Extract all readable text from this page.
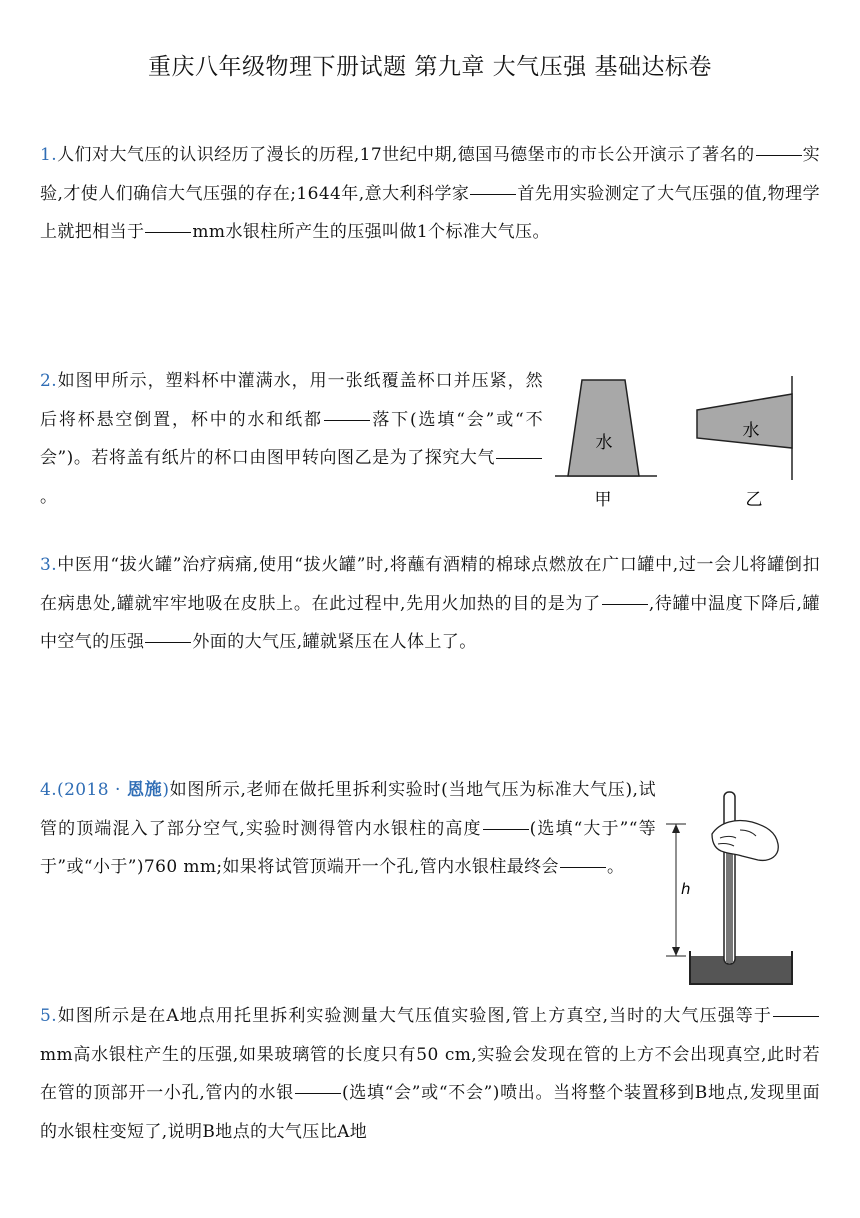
重庆八年级物理下册试题 第九章 大气压强 基础达标卷
1.人们对大气压的认识经历了漫长的历程,17世纪中期,德国马德堡市的市长公开演示了著名的	实验,才使人们确信大气压强的存在;1644年,意大利科学家	首先用实验测定了大气压强的值,物理学上就把相当于	mm水银柱所产生的压强叫做1个标准大气压。
2.如图甲所示，塑料杯中灌满水，用一张纸覆盖杯口并压紧，然后将杯悬空倒置，杯中的水和纸都	落下(选填“会”或“不会”)。若将盖有纸片的杯口由图甲转向图乙是为了探究大气。
水
甲
水
乙
3.中医用“拔火罐”治疗病痛,使用“拔火罐”时,将蘸有酒精的棉球点燃放在广口罐中,过一会儿将罐倒扣在病患处,罐就牢牢地吸在皮肤上。在此过程中,先用火加热的目的是为了	,待罐中温度下降后,罐中空气的压强	外面的大气压,罐就紧压在人体上了。
4.(2018 · 恩施)如图所示,老师在做托里拆利实验时(当地气压为标准大气压),试管的顶端混入了部分空气,实验时测得管内水银柱的高度	(选填“大于”“等于”或“小于”)760 mm;如果将试管顶端开一个孔,管内水银柱最终会	。
h
5.如图所示是在A地点用托里拆利实验测量大气压值实验图,管上方真空,当时的大气压强等于mm高水银柱产生的压强,如果玻璃管的长度只有50 cm,实验会发现在管的上方不会出现真空,此时若在管的顶部开一小孔,管内的水银	(选填“会”或“不会”)喷出。当将整个装置移到B地点,发现里面的水银柱变短了,说明B地点的大气压比A地
